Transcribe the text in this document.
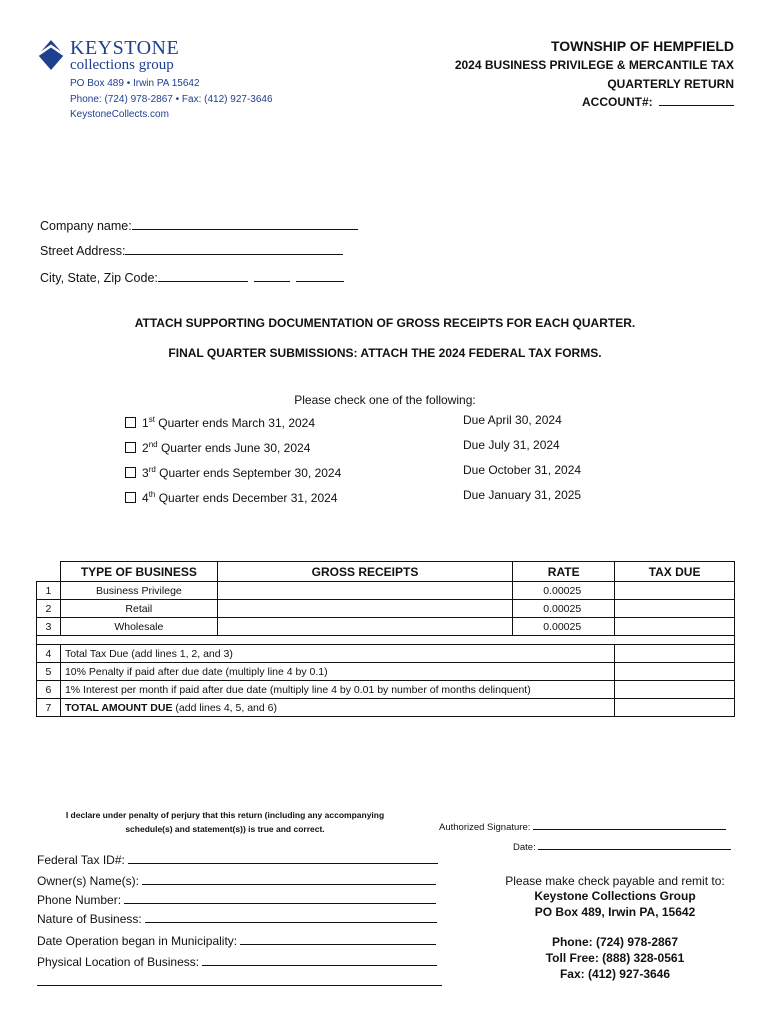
KEYSTONE
collections group
PO Box 489 • Irwin PA 15642
Phone: (724) 978-2867 • Fax: (412) 927-3646
KeystoneCollects.com
TOWNSHIP OF HEMPFIELD
2024 BUSINESS PRIVILEGE & MERCANTILE TAX
QUARTERLY RETURN
ACCOUNT#:
Company name:
Street Address:
City, State, Zip Code:
ATTACH SUPPORTING DOCUMENTATION OF GROSS RECEIPTS FOR EACH QUARTER.
FINAL QUARTER SUBMISSIONS: ATTACH THE 2024 FEDERAL TAX FORMS.
Please check one of the following:
1st Quarter ends March 31, 2024	Due April 30, 2024
2nd Quarter ends June 30, 2024	Due July 31, 2024
3rd Quarter ends September 30, 2024	Due October 31, 2024
4th Quarter ends December 31, 2024	Due January 31, 2025
	TYPE OF BUSINESS	GROSS RECEIPTS	RATE	TAX DUE
1	Business Privilege		0.00025	
2	Retail		0.00025	
3	Wholesale		0.00025	

4	Total Tax Due (add lines 1, 2, and 3)			
5	10% Penalty if paid after due date (multiply line 4 by 0.1)			
6	1% Interest per month if paid after due date (multiply line 4 by 0.01 by number of months delinquent)			
7	TOTAL AMOUNT DUE (add lines 4, 5, and 6)			
I declare under penalty of perjury that this return (including any accompanying
schedule(s) and statement(s)) is true and correct.	Authorized Signature:
Date:
Federal Tax ID#:
Owner(s) Name(s):
Phone Number:
Nature of Business:
Date Operation began in Municipality:
Physical Location of Business:
Please make check payable and remit to:
Keystone Collections Group
PO Box 489, Irwin PA, 15642
Phone: (724) 978-2867
Toll Free: (888) 328-0561
Fax: (412) 927-3646
